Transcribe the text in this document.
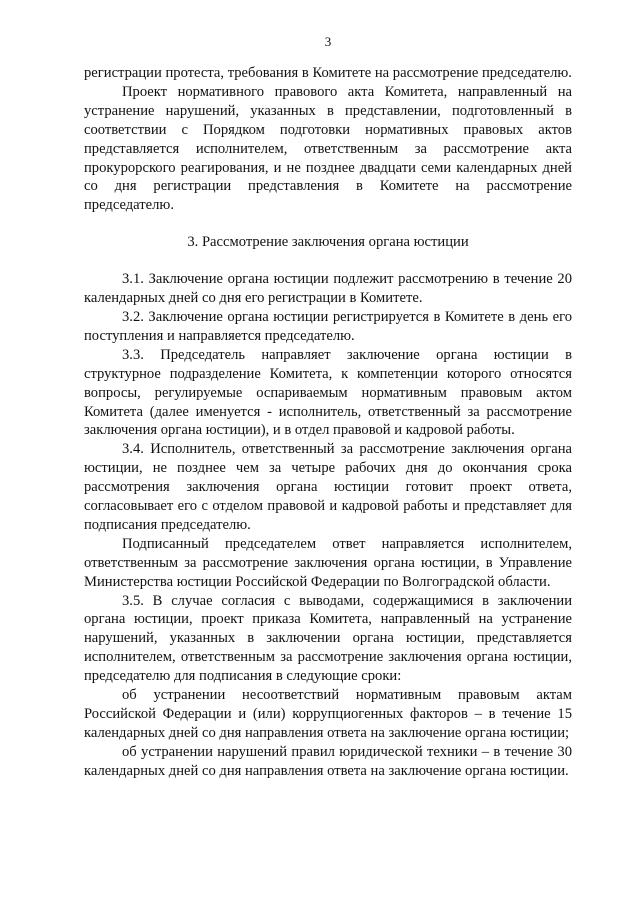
3

регистрации протеста, требования в Комитете на рассмотрение председателю.

Проект нормативного правового акта Комитета, направленный на устранение нарушений, указанных в представлении, подготовленный в соответствии с Порядком подготовки нормативных правовых актов представляется исполнителем, ответственным за рассмотрение акта прокурорского реагирования, и не позднее двадцати семи календарных дней со дня регистрации представления в Комитете на рассмотрение председателю.

3. Рассмотрение заключения органа юстиции

3.1. Заключение органа юстиции подлежит рассмотрению в течение 20 календарных дней со дня его регистрации в Комитете.

3.2. Заключение органа юстиции регистрируется в Комитете в день его поступления и направляется председателю.

3.3. Председатель направляет заключение органа юстиции в структурное подразделение Комитета, к компетенции которого относятся вопросы, регулируемые оспариваемым нормативным правовым актом Комитета (далее именуется - исполнитель, ответственный за рассмотрение заключения органа юстиции), и в отдел правовой и кадровой работы.

3.4. Исполнитель, ответственный за рассмотрение заключения органа юстиции, не позднее чем за четыре рабочих дня до окончания срока рассмотрения заключения органа юстиции готовит проект ответа, согласовывает его с отделом правовой и кадровой работы и представляет для подписания председателю.

Подписанный председателем ответ направляется исполнителем, ответственным за рассмотрение заключения органа юстиции, в Управление Министерства юстиции Российской Федерации по Волгоградской области.

3.5. В случае согласия с выводами, содержащимися в заключении органа юстиции, проект приказа Комитета, направленный на устранение нарушений, указанных в заключении органа юстиции, представляется исполнителем, ответственным за рассмотрение заключения органа юстиции, председателю для подписания в следующие сроки:

об устранении несоответствий нормативным правовым актам Российской Федерации и (или) коррупциогенных факторов – в течение 15 календарных дней со дня направления ответа на заключение органа юстиции;

об устранении нарушений правил юридической техники – в течение 30 календарных дней со дня направления ответа на заключение органа юстиции.
